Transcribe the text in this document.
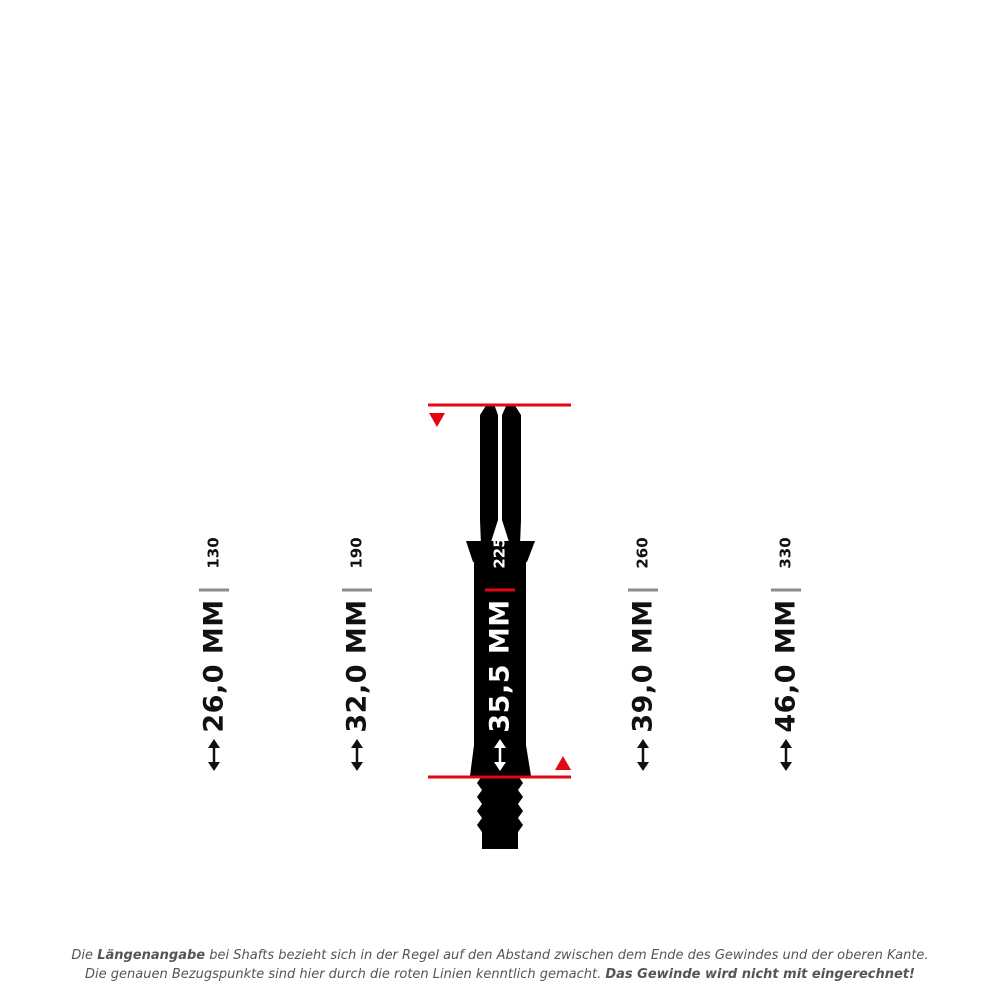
130
26,0 MM
190
32,0 MM
225
35,5 MM
260
39,0 MM
330
46,0 MM
Die Längenangabe bei Shafts bezieht sich in der Regel auf den Abstand zwischen dem Ende des Gewindes und der oberen Kante.
Die genauen Bezugspunkte sind hier durch die roten Linien kenntlich gemacht. Das Gewinde wird nicht mit eingerechnet!
